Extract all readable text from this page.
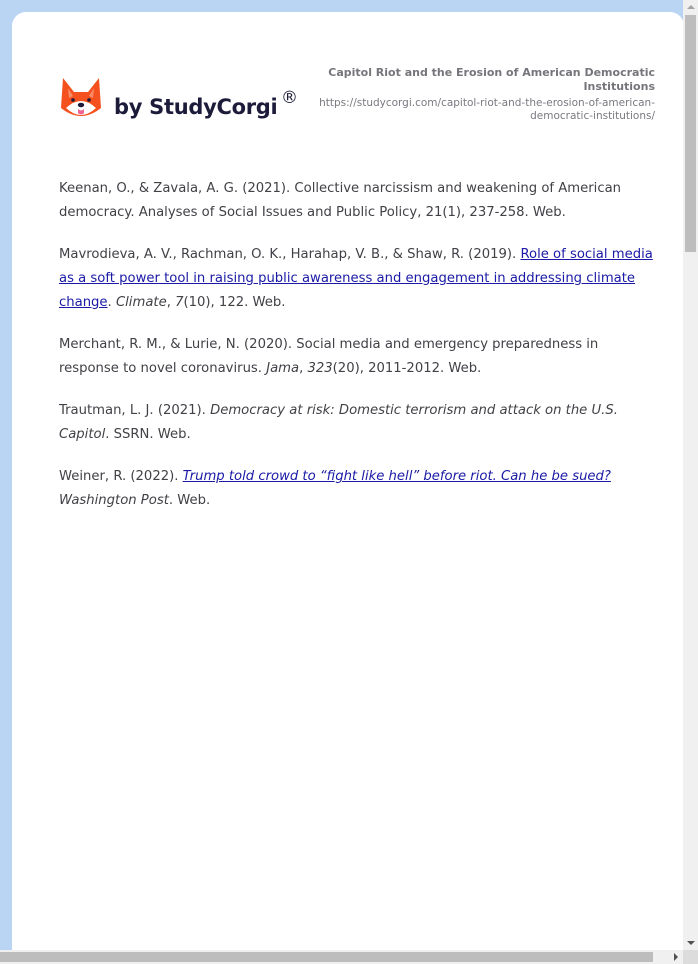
by StudyCorgi ®
Capitol Riot and the Erosion of American Democratic Institutions
https://studycorgi.com/capitol-riot-and-the-erosion-of-american-democratic-institutions/

Keenan, O., & Zavala, A. G. (2021). Collective narcissism and weakening of American democracy. Analyses of Social Issues and Public Policy, 21(1), 237-258. Web.

Mavrodieva, A. V., Rachman, O. K., Harahap, V. B., & Shaw, R. (2019). Role of social media as a soft power tool in raising public awareness and engagement in addressing climate change. Climate, 7(10), 122. Web.

Merchant, R. M., & Lurie, N. (2020). Social media and emergency preparedness in response to novel coronavirus. Jama, 323(20), 2011-2012. Web.

Trautman, L. J. (2021). Democracy at risk: Domestic terrorism and attack on the U.S. Capitol. SSRN. Web.

Weiner, R. (2022). Trump told crowd to “fight like hell” before riot. Can he be sued? Washington Post. Web.
